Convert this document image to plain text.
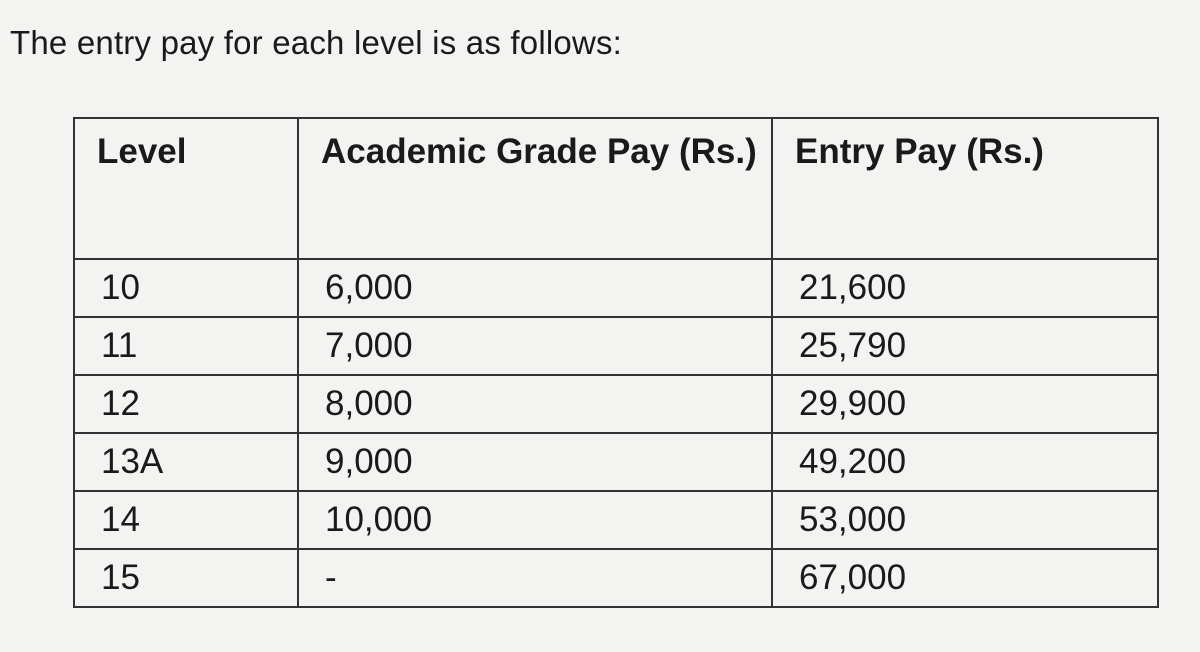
The entry pay for each level is as follows:
Level	Academic Grade Pay (Rs.)	Entry Pay (Rs.)
10	6,000	21,600
11	7,000	25,790
12	8,000	29,900
13A	9,000	49,200
14	10,000	53,000
15	-	67,000
